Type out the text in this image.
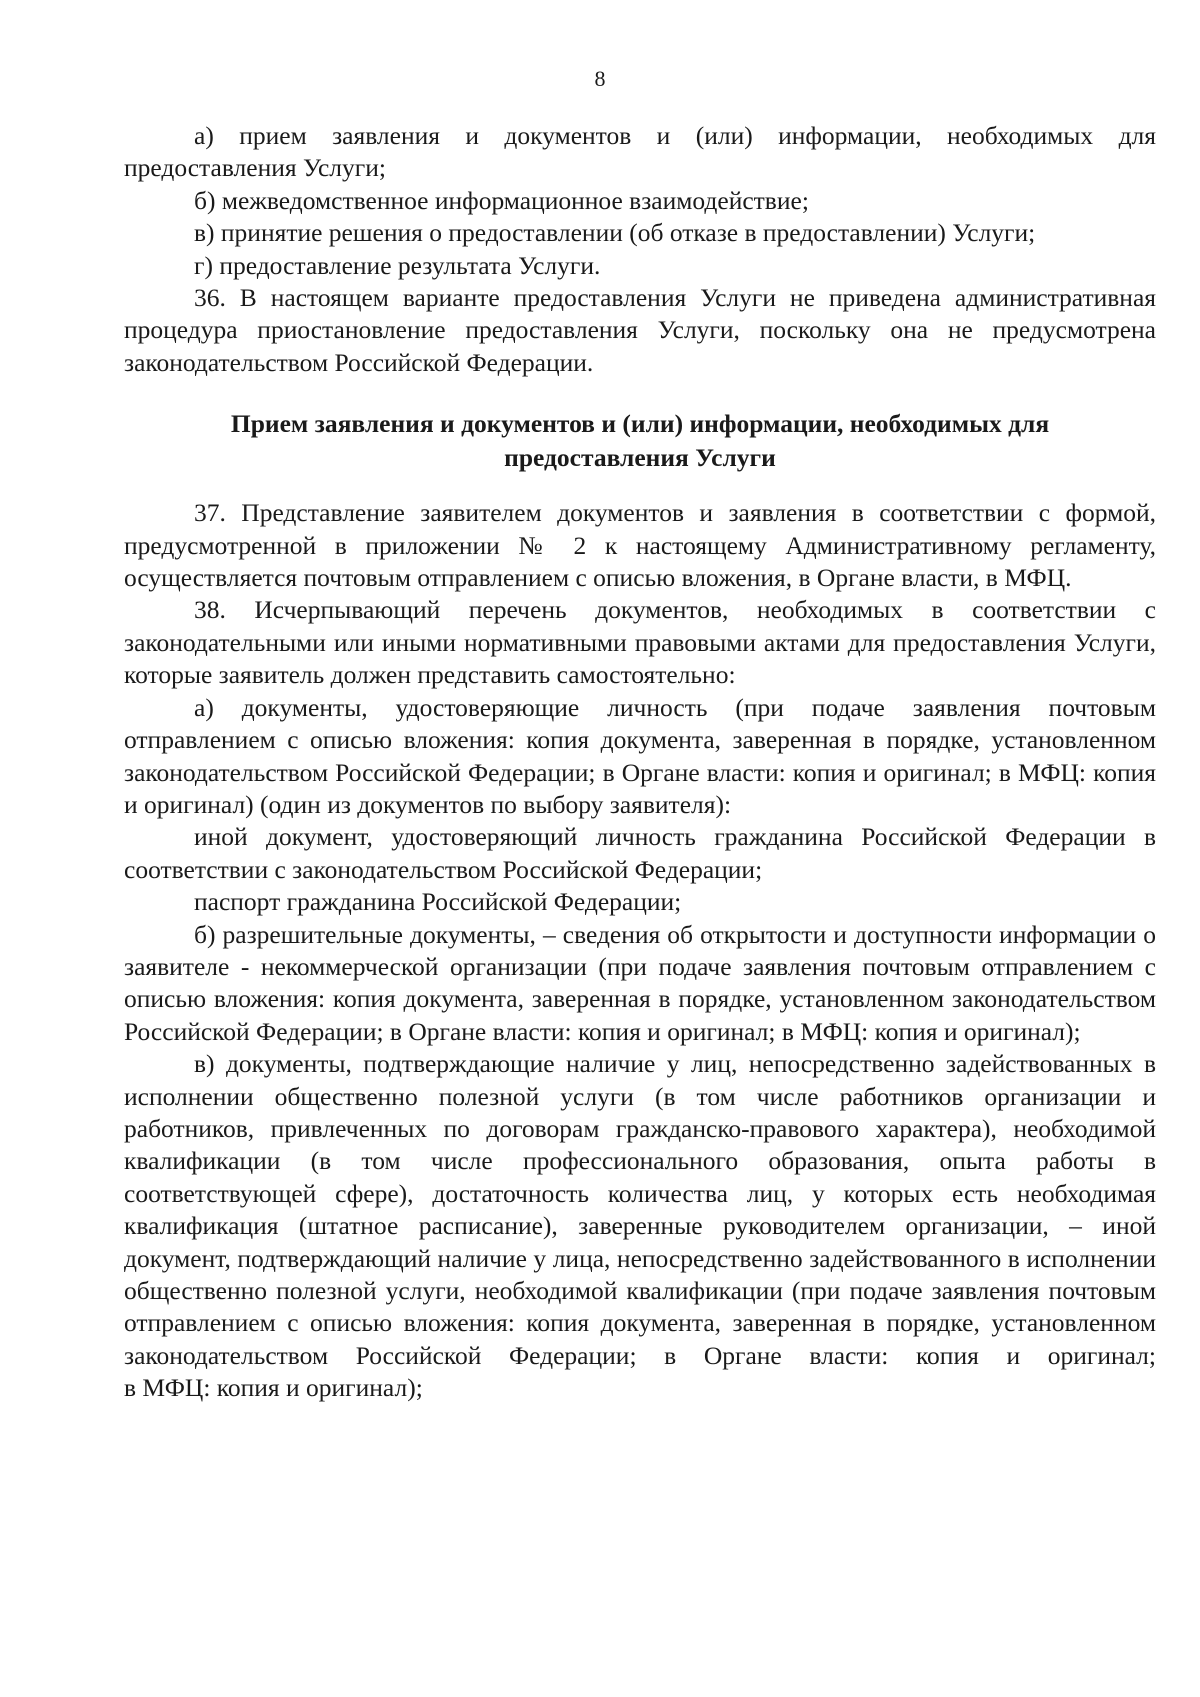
8

а) прием заявления и документов и (или) информации, необходимых для предоставления Услуги;

б) межведомственное информационное взаимодействие;

в) принятие решения о предоставлении (об отказе в предоставлении) Услуги;

г) предоставление результата Услуги.

36. В настоящем варианте предоставления Услуги не приведена административная процедура приостановление предоставления Услуги, поскольку она не предусмотрена законодательством Российской Федерации.

Прием заявления и документов и (или) информации, необходимых для
предоставления Услуги

37. Представление заявителем документов и заявления в соответствии с формой, предусмотренной в приложении № 2 к настоящему Административному регламенту, осуществляется почтовым отправлением с описью вложения, в Органе власти, в МФЦ.

38. Исчерпывающий перечень документов, необходимых в соответствии с законодательными или иными нормативными правовыми актами для предоставления Услуги, которые заявитель должен представить самостоятельно:

а) документы, удостоверяющие личность (при подаче заявления почтовым отправлением с описью вложения: копия документа, заверенная в порядке, установленном законодательством Российской Федерации; в Органе власти: копия и оригинал; в МФЦ: копия и оригинал) (один из документов по выбору заявителя):

иной документ, удостоверяющий личность гражданина Российской Федерации в соответствии с законодательством Российской Федерации;

паспорт гражданина Российской Федерации;

б) разрешительные документы, – сведения об открытости и доступности информации о заявителе - некоммерческой организации (при подаче заявления почтовым отправлением с описью вложения: копия документа, заверенная в порядке, установленном законодательством Российской Федерации; в Органе власти: копия и оригинал; в МФЦ: копия и оригинал);

в) документы, подтверждающие наличие у лиц, непосредственно задействованных в исполнении общественно полезной услуги (в том числе работников организации и работников, привлеченных по договорам гражданско-правового характера), необходимой квалификации (в том числе профессионального образования, опыта работы в соответствующей сфере), достаточность количества лиц, у которых есть необходимая квалификация (штатное расписание), заверенные руководителем организации, – иной документ, подтверждающий наличие у лица, непосредственно задействованного в исполнении общественно полезной услуги, необходимой квалификации (при подаче заявления почтовым отправлением с описью вложения: копия документа, заверенная в порядке, установленном законодательством Российской Федерации; в Органе власти: копия и оригинал;

в МФЦ: копия и оригинал);
